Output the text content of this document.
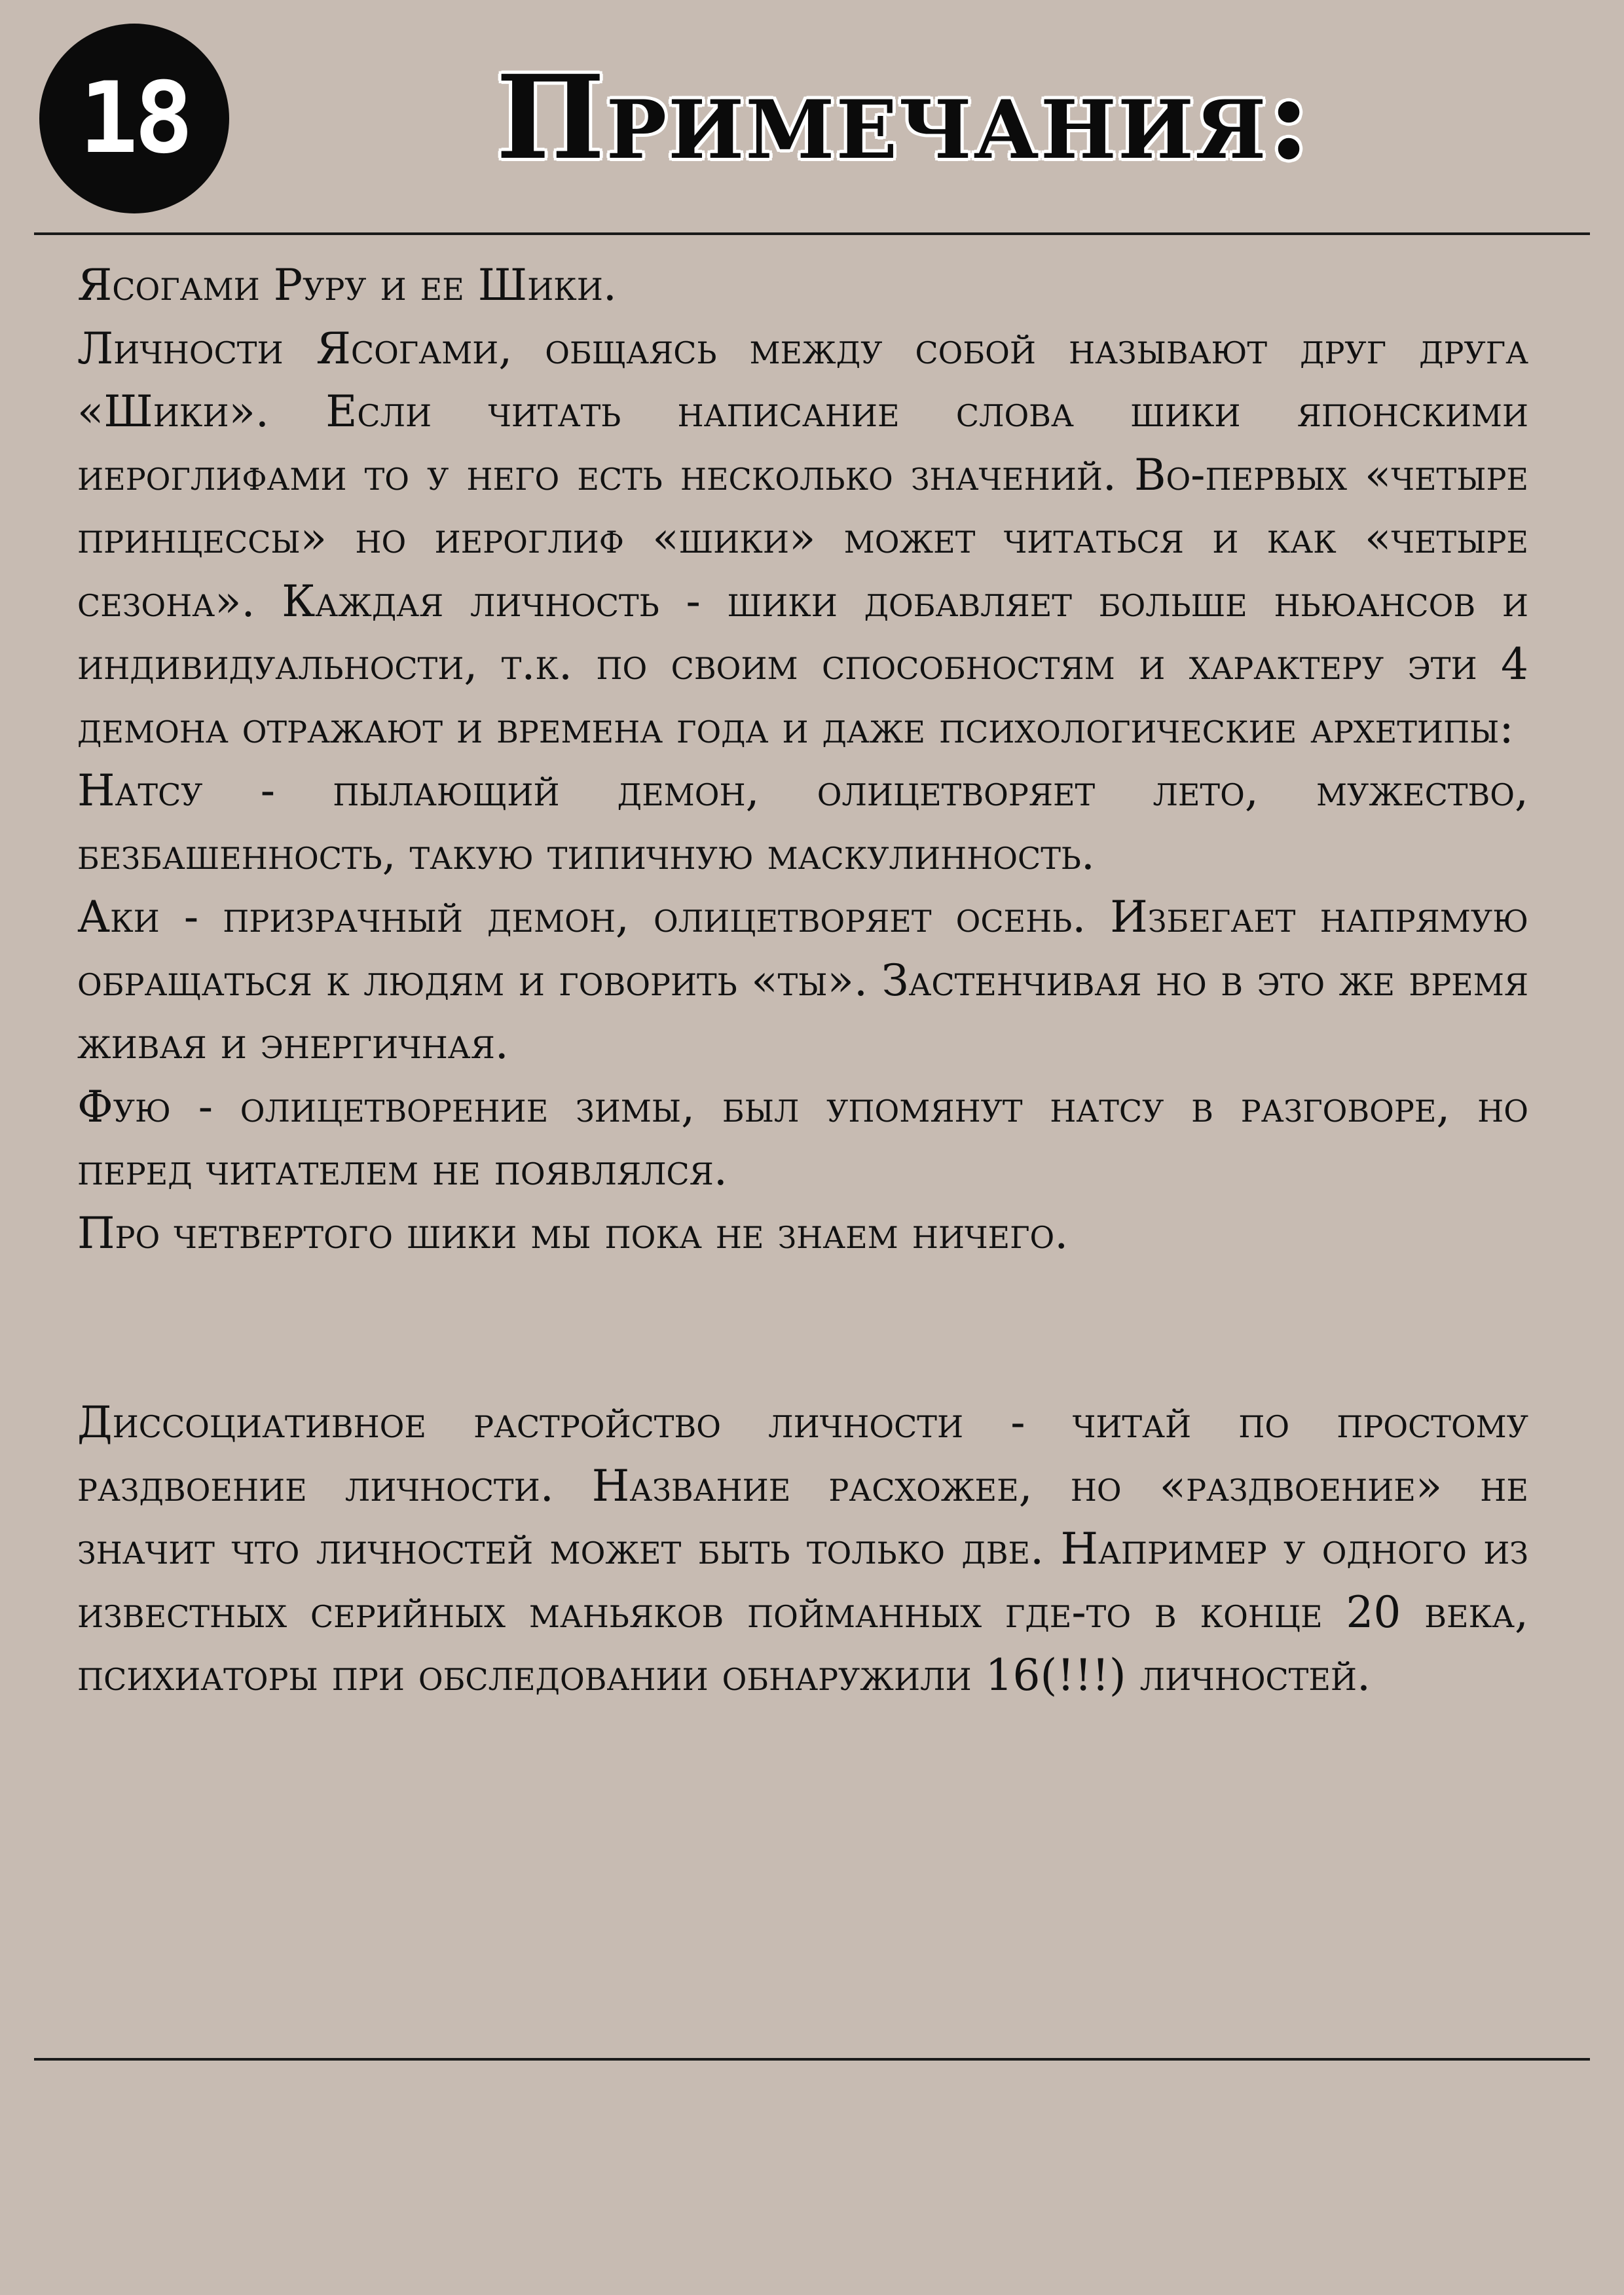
18	Примечания:

Ясогами Руру и ее Шики.

Личности Ясогами, общаясь между собой называют друг друга «Шики». Если читать написание слова шики японскими иероглифами то у него есть несколько значений. Во-первых «четыре принцессы» но иероглиф «шики» может читаться и как «четыре сезона». Каждая личность - шики добавляет больше ньюансов и индивидуальности, т.к. по своим способностям и характеру эти 4 демона отражают и времена года и даже психологические архетипы:

Натсу - пылающий демон, олицетворяет лето, мужество, безбашенность, такую типичную маскулинность.

Аки - призрачный демон, олицетворяет осень. Избегает напрямую обращаться к людям и говорить «ты». Застенчивая но в это же время живая и энергичная.

Фую - олицетворение зимы, был упомянут натсу в разговоре, но перед читателем не появлялся.

Про четвертого шики мы пока не знаем ничего.

Диссоциативное растройство личности - читай по простому раздвоение личности. Название расхожее, но «раздвоение» не значит что личностей может быть только две. Например у одного из известных серийных маньяков пойманных где-то в конце 20 века, психиаторы при обследовании обнаружили 16(!!!) личностей.
